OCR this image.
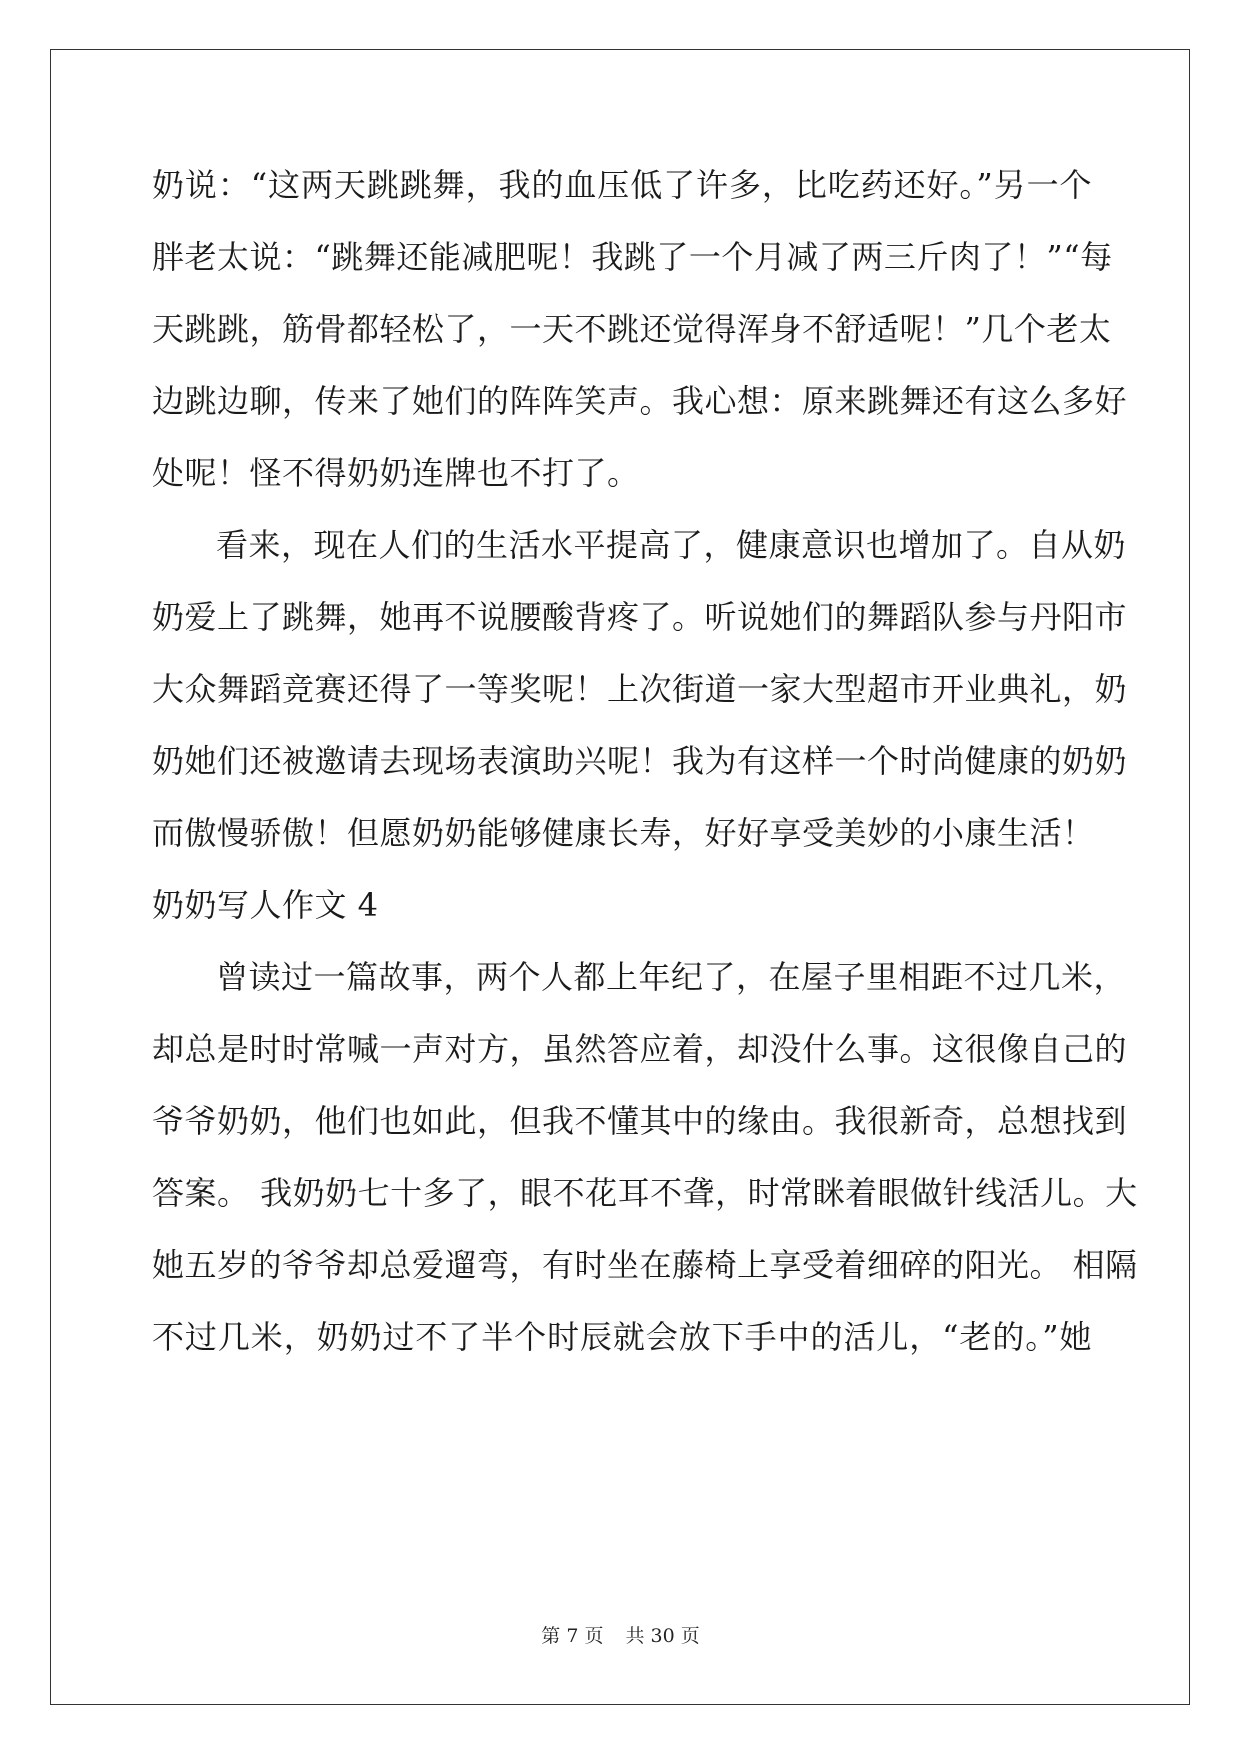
奶说：“这两天跳跳舞，我的血压低了许多，比吃药还好。”另一个
胖老太说：“跳舞还能减肥呢！我跳了一个月减了两三斤肉了！”“每
天跳跳，筋骨都轻松了，一天不跳还觉得浑身不舒适呢！”几个老太
边跳边聊，传来了她们的阵阵笑声。我心想：原来跳舞还有这么多好
处呢！怪不得奶奶连牌也不打了。
看来，现在人们的生活水平提高了，健康意识也增加了。自从奶
奶爱上了跳舞，她再不说腰酸背疼了。听说她们的舞蹈队参与丹阳市
大众舞蹈竞赛还得了一等奖呢！上次街道一家大型超市开业典礼，奶
奶她们还被邀请去现场表演助兴呢！我为有这样一个时尚健康的奶奶
而傲慢骄傲！但愿奶奶能够健康长寿，好好享受美妙的小康生活！
奶奶写人作文 4
曾读过一篇故事，两个人都上年纪了，在屋子里相距不过几米，
却总是时时常喊一声对方，虽然答应着，却没什么事。这很像自己的
爷爷奶奶，他们也如此，但我不懂其中的缘由。我很新奇，总想找到
答案。 我奶奶七十多了，眼不花耳不聋，时常眯着眼做针线活儿。大
她五岁的爷爷却总爱遛弯，有时坐在藤椅上享受着细碎的阳光。 相隔
不过几米，奶奶过不了半个时辰就会放下手中的活儿，“老的。”她
第 7 页 共 30 页
